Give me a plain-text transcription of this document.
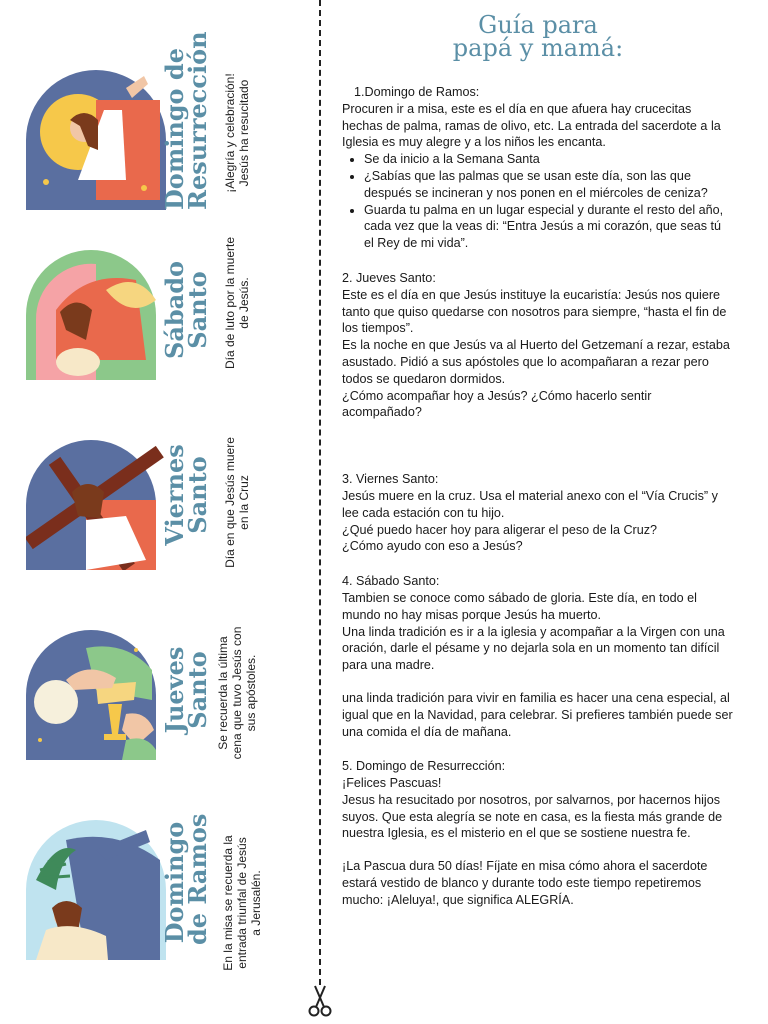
Guía para
papá y mamá:

1.Domingo de Ramos:

Procuren ir a misa, este es el día en que afuera hay crucecitas hechas de palma, ramas de olivo, etc. La entrada del sacerdote a la Iglesia es muy alegre y a los niños les encanta.

• Se da inicio a la Semana Santa
• ¿Sabías que las palmas que se usan este día, son las que después se incineran y nos ponen en el miércoles de ceniza?
• Guarda tu palma en un lugar especial y durante el resto del año, cada vez que la veas di: “Entra Jesús a mi corazón, que seas tú el Rey de mi vida”.

2. Jueves Santo:

Este es el día en que Jesús instituye la eucaristía: Jesús nos quiere tanto que quiso quedarse con nosotros para siempre, “hasta el fin de los tiempos”.

Es la noche en que Jesús va al Huerto del Getzemaní a rezar, estaba asustado. Pidió a sus apóstoles que lo acompañaran a rezar pero todos se quedaron dormidos.

¿Cómo acompañar hoy a Jesús? ¿Cómo hacerlo sentir acompañado?

3. Viernes Santo:

Jesús muere en la cruz. Usa el material anexo con el “Vía Crucis” y lee cada estación con tu hijo.

¿Qué puedo hacer hoy para aligerar el peso de la Cruz?

¿Cómo ayudo con eso a Jesús?

4. Sábado Santo:

Tambien se conoce como sábado de gloria. Este día, en todo el mundo no hay misas porque Jesús ha muerto.

Una linda tradición es ir a la iglesia y acompañar a la Virgen con una oración, darle el pésame y no dejarla sola en un momento tan difícil para una madre.

una linda tradición para vivir en familia es hacer una cena especial, al igual que en la Navidad, para celebrar. Si prefieres también puede ser una comida el día de mañana.

5. Domingo de Resurrección:

¡Felices Pascuas!

Jesus ha resucitado por nosotros, por salvarnos, por hacernos hijos suyos. Que esta alegría se note en casa, es la fiesta más grande de nuestra Iglesia, es el misterio en el que se sostiene nuestra fe.

¡La Pascua dura 50 días! Fíjate en misa cómo ahora el sacerdote estará vestido de blanco y durante todo este tiempo repetiremos mucho: ¡Aleluya!, que significa ALEGRÍA.

Domingo de
Resurrección ¡Alegría y celebración! Jesús ha resucitado
Sábado
Santo Día de luto por la muerte de Jesús.
Viernes
Santo Día en que Jesús muere en la Cruz
Jueves
Santo Se recuerda la última cena que tuvo Jesús con sus apóstoles.
Domingo
de Ramos En la misa se recuerda la entrada triunfal de Jesús a Jerusalén.
